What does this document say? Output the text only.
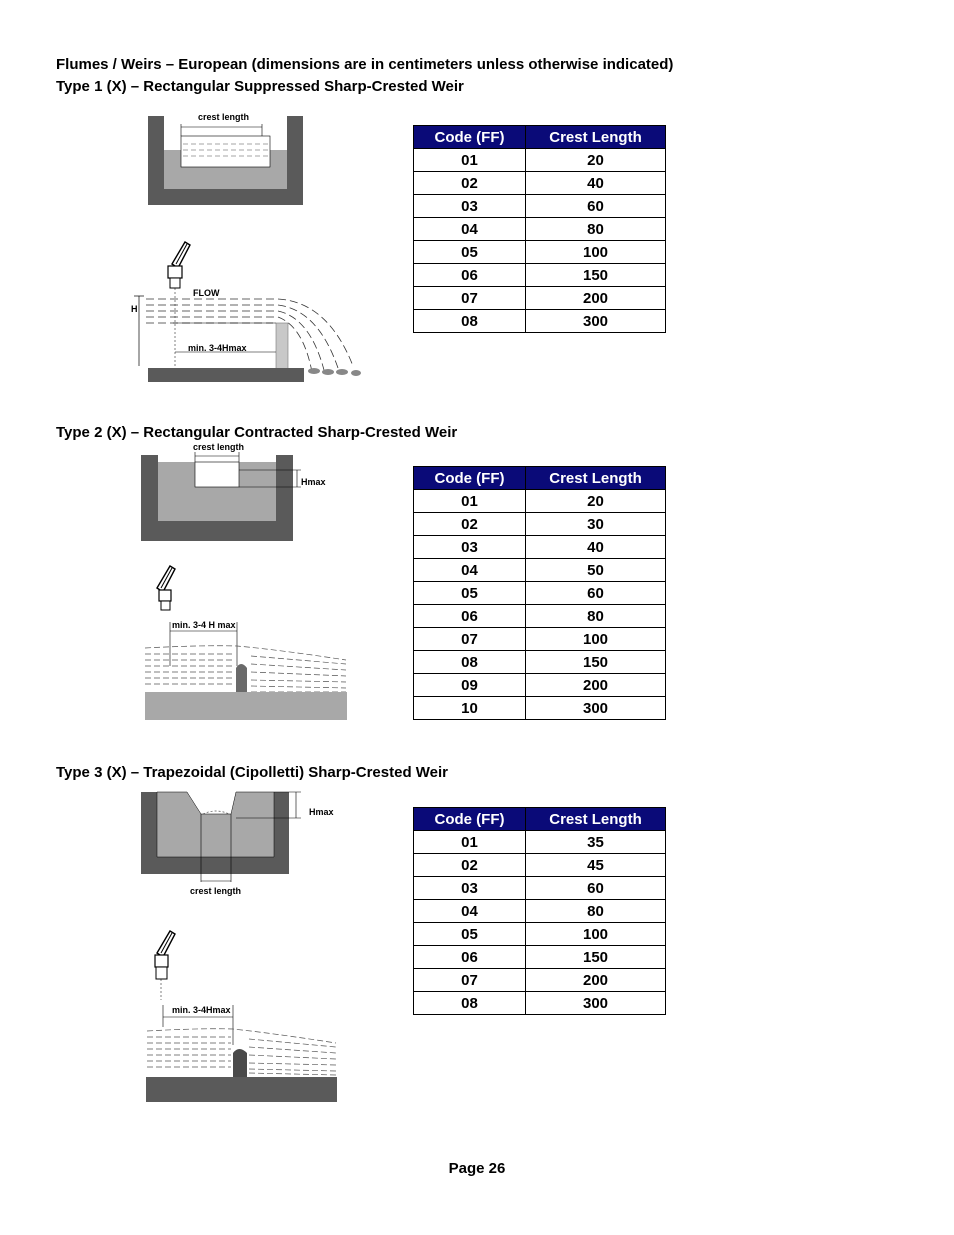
Flumes / Weirs – European (dimensions are in centimeters unless otherwise indicated)
Type 1 (X) – Rectangular Suppressed Sharp-Crested Weir
crest length
FLOW
H
min. 3-4Hmax
Code (FF)	Crest Length
01	20
02	40
03	60
04	80
05	100
06	150
07	200
08	300
Type 2 (X) – Rectangular Contracted Sharp-Crested Weir
crest length
Hmax
min. 3-4 H max
Code (FF)	Crest Length
01	20
02	30
03	40
04	50
05	60
06	80
07	100
08	150
09	200
10	300
Type 3 (X) – Trapezoidal (Cipolletti) Sharp-Crested Weir
Hmax
crest length
min. 3-4Hmax
Code (FF)	Crest Length
01	35
02	45
03	60
04	80
05	100
06	150
07	200
08	300
Page 26
